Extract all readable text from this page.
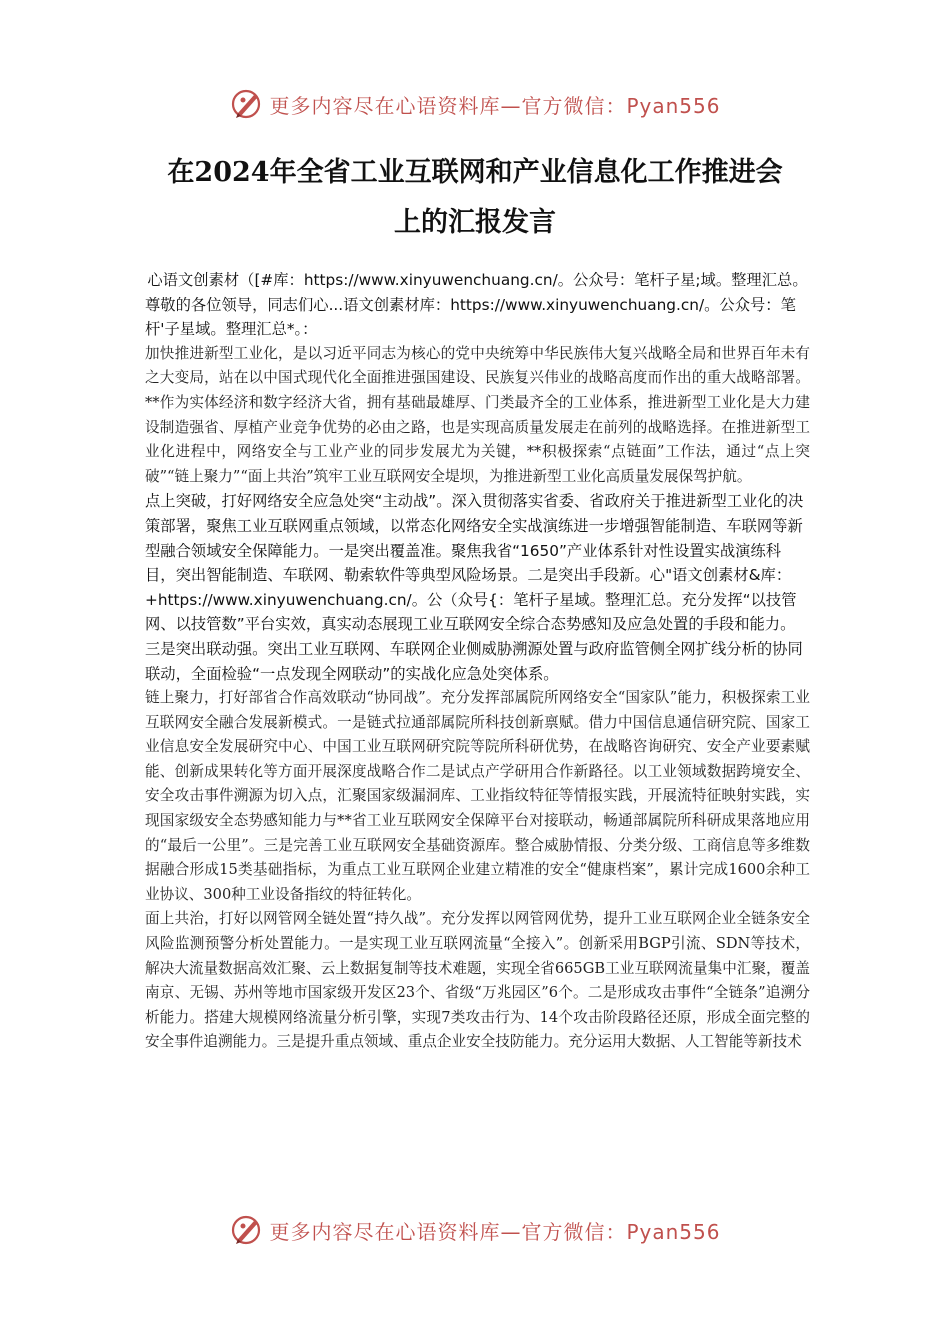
更多内容尽在心语资料库—官方微信：Pyan556
在2024年全省工业互联网和产业信息化工作推进会
上的汇报发言

心语文创素材（[#库：https://www.xinyuwenchuang.cn/。公众号：笔杆子星;域。整理汇总。

尊敬的各位领导，同志们心...语文创素材库：https://www.xinyuwenchuang.cn/。公众号：笔杆'子星域。整理汇总*。：

加快推进新型工业化，是以习近平同志为核心的党中央统筹中华民族伟大复兴战略全局和世界百年未有之大变局，站在以中国式现代化全面推进强国建设、民族复兴伟业的战略高度而作出的重大战略部署。**作为实体经济和数字经济大省，拥有基础最雄厚、门类最齐全的工业体系，推进新型工业化是大力建设制造强省、厚植产业竞争优势的必由之路，也是实现高质量发展走在前列的战略选择。在推进新型工业化进程中，网络安全与工业产业的同步发展尤为关键，**积极探索“点链面”工作法，通过“点上突破”“链上聚力”“面上共治”筑牢工业互联网安全堤坝，为推进新型工业化高质量发展保驾护航。

点上突破，打好网络安全应急处突“主动战”。深入贯彻落实省委、省政府关于推进新型工业化的决策部署，聚焦工业互联网重点领域，以常态化网络安全实战演练进一步增强智能制造、车联网等新型融合领域安全保障能力。一是突出覆盖准。聚焦我省“1650”产业体系针对性设置实战演练科目，突出智能制造、车联网、勒索软件等典型风险场景。二是突出手段新。心"语文创素材&库：+https://www.xinyuwenchuang.cn/。公（众号{：笔杆子星域。整理汇总。充分发挥“以技管网、以技管数”平台实效，真实动态展现工业互联网安全综合态势感知及应急处置的手段和能力。三是突出联动强。突出工业互联网、车联网企业侧威胁溯源处置与政府监管侧全网扩线分析的协同联动，全面检验“一点发现全网联动”的实战化应急处突体系。

链上聚力，打好部省合作高效联动“协同战”。充分发挥部属院所网络安全“国家队”能力，积极探索工业互联网安全融合发展新模式。一是链式拉通部属院所科技创新禀赋。借力中国信息通信研究院、国家工业信息安全发展研究中心、中国工业互联网研究院等院所科研优势，在战略咨询研究、安全产业要素赋能、创新成果转化等方面开展深度战略合作二是试点产学研用合作新路径。以工业领域数据跨境安全、安全攻击事件溯源为切入点，汇聚国家级漏洞库、工业指纹特征等情报实践，开展流特征映射实践，实现国家级安全态势感知能力与**省工业互联网安全保障平台对接联动，畅通部属院所科研成果落地应用的“最后一公里”。三是完善工业互联网安全基础资源库。整合威胁情报、分类分级、工商信息等多维数据融合形成15类基础指标，为重点工业互联网企业建立精准的安全“健康档案”，累计完成1600余种工业协议、300种工业设备指纹的特征转化。

面上共治，打好以网管网全链处置“持久战”。充分发挥以网管网优势，提升工业互联网企业全链条安全风险监测预警分析处置能力。一是实现工业互联网流量“全接入”。创新采用BGP引流、SDN等技术，解决大流量数据高效汇聚、云上数据复制等技术难题，实现全省665GB工业互联网流量集中汇聚，覆盖南京、无锡、苏州等地市国家级开发区23个、省级“万兆园区”6个。二是形成攻击事件“全链条”追溯分析能力。搭建大规模网络流量分析引擎，实现7类攻击行为、14个攻击阶段路径还原，形成全面完整的安全事件追溯能力。三是提升重点领域、重点企业安全技防能力。充分运用大数据、人工智能等新技术

更多内容尽在心语资料库—官方微信：Pyan556
